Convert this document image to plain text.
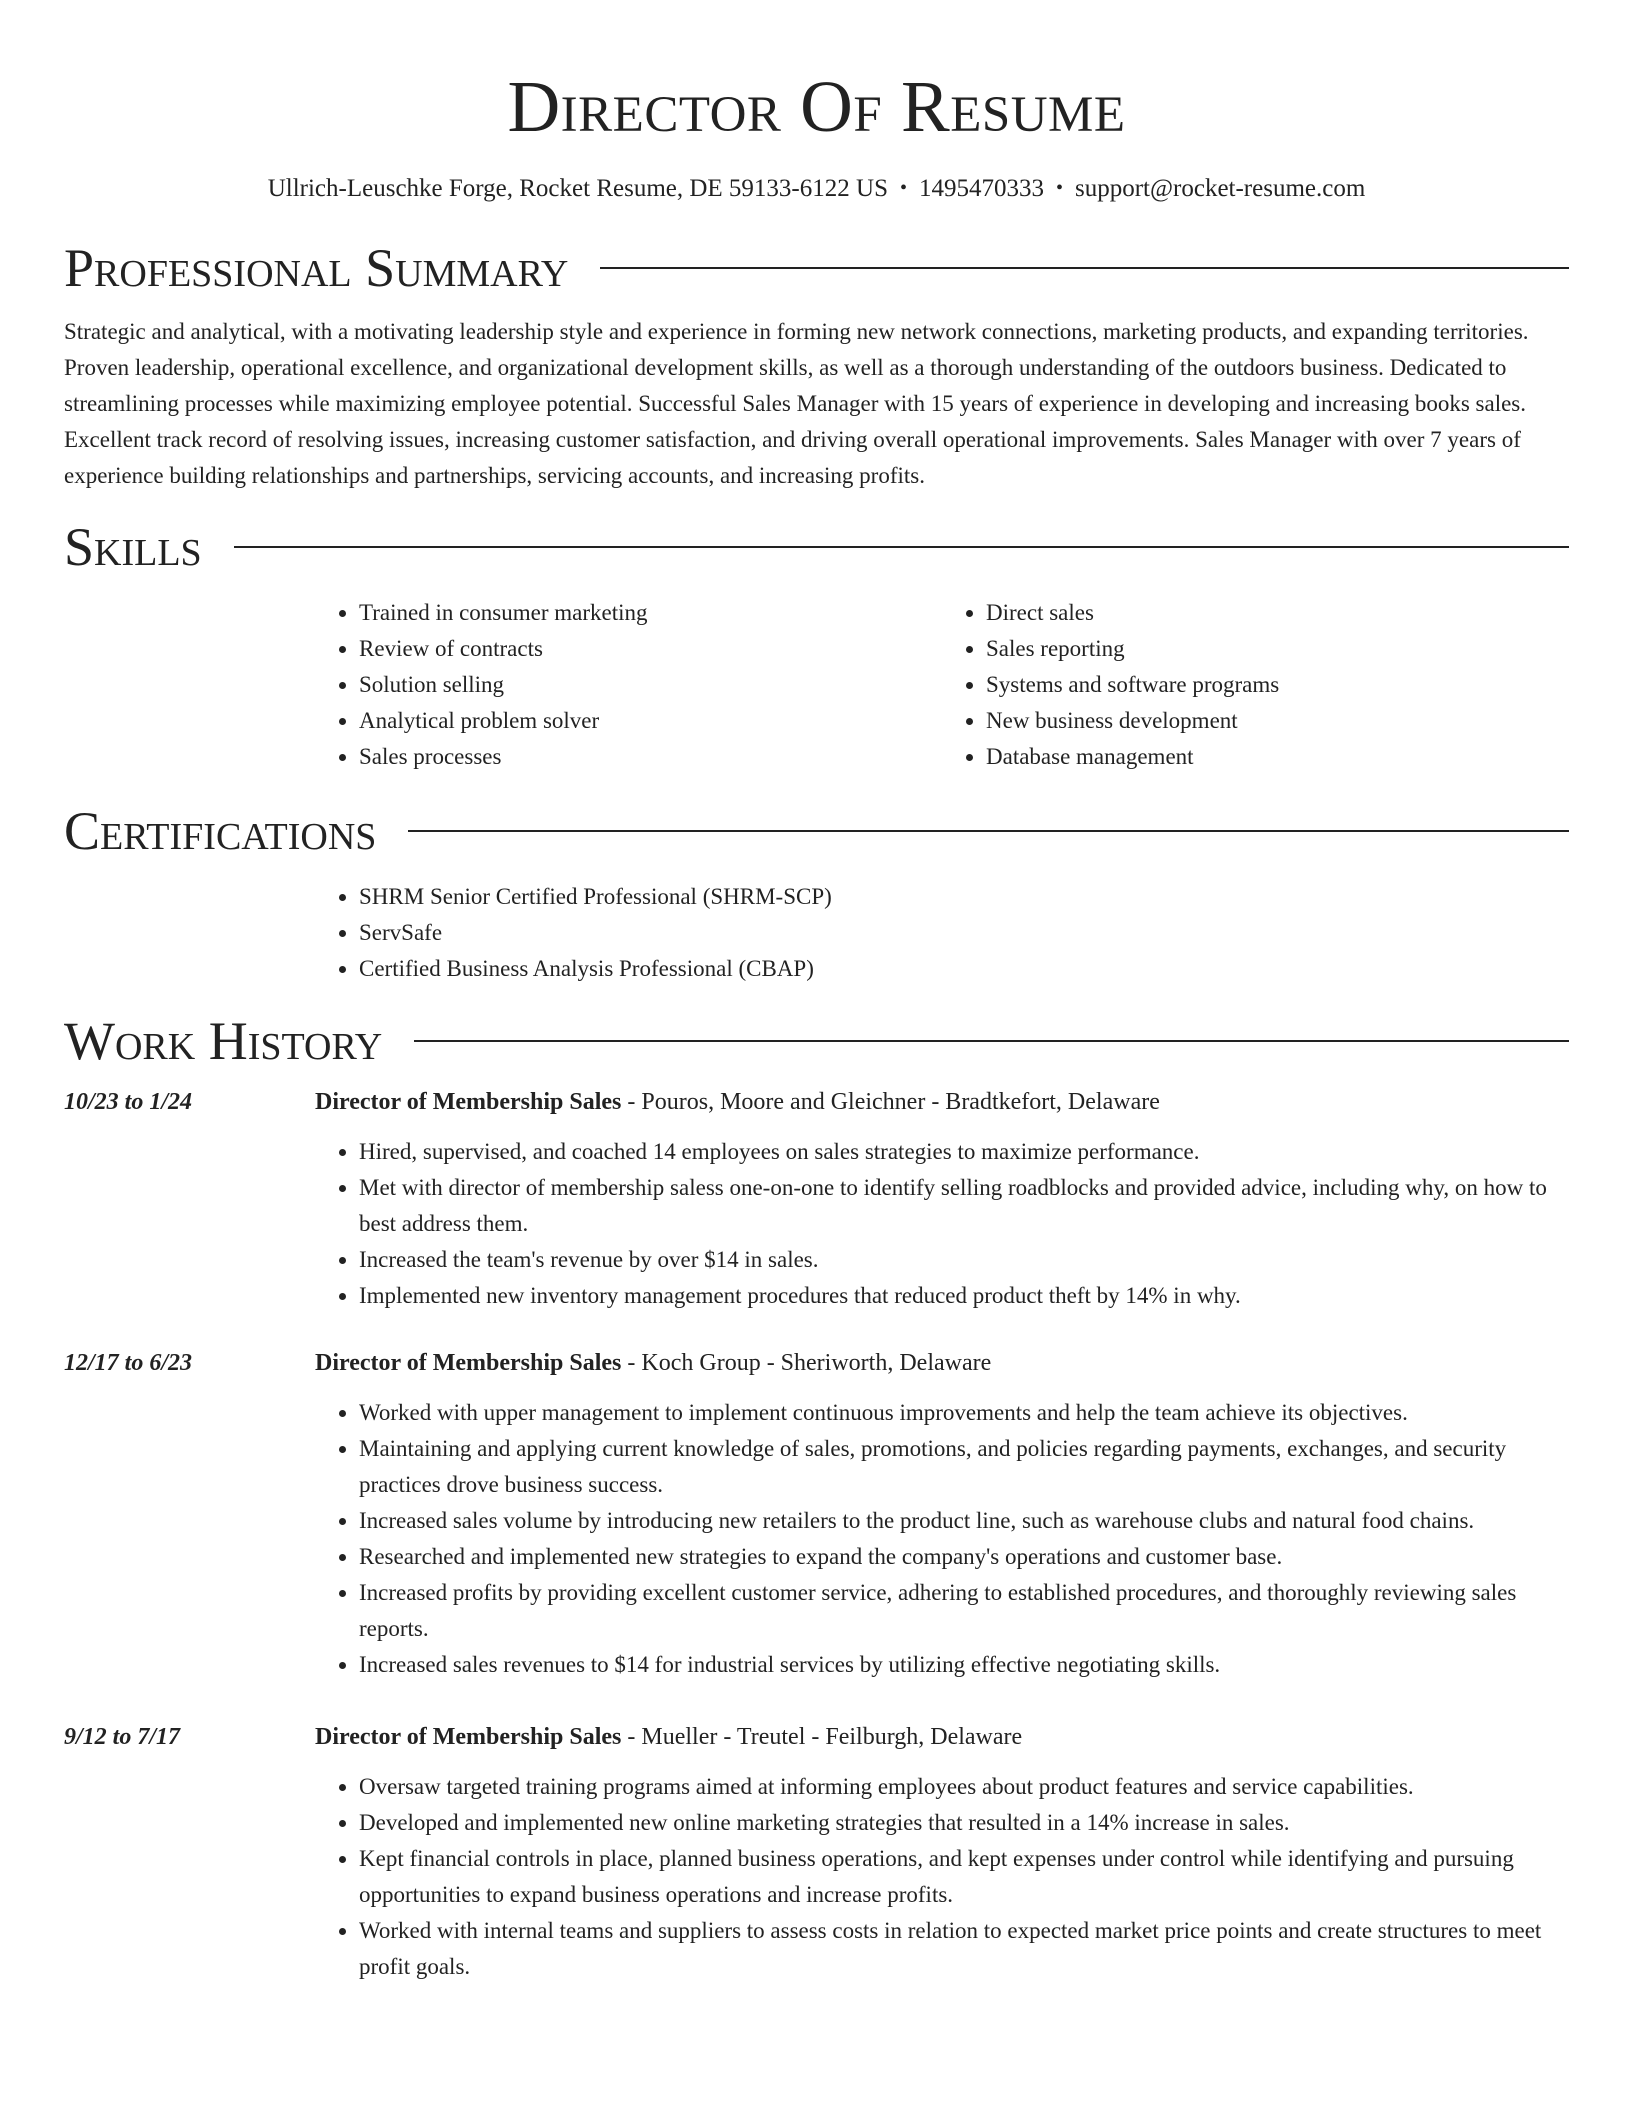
Director Of Resume
Ullrich-Leuschke Forge, Rocket Resume, DE 59133-6122 US • 1495470333 • support@rocket-resume.com
Professional Summary

Strategic and analytical, with a motivating leadership style and experience in forming new network connections, marketing products, and expanding territories. Proven leadership, operational excellence, and organizational development skills, as well as a thorough understanding of the outdoors business. Dedicated to streamlining processes while maximizing employee potential. Successful Sales Manager with 15 years of experience in developing and increasing books sales. Excellent track record of resolving issues, increasing customer satisfaction, and driving overall operational improvements. Sales Manager with over 7 years of experience building relationships and partnerships, servicing accounts, and increasing profits.

Skills
• Trained in consumer marketing
• Review of contracts
• Solution selling
• Analytical problem solver
• Sales processes
• Direct sales
• Sales reporting
• Systems and software programs
• New business development
• Database management
Certifications
• SHRM Senior Certified Professional (SHRM-SCP)
• ServSafe
• Certified Business Analysis Professional (CBAP)
Work History
10/23 to 1/24	Director of Membership Sales - Pouros, Moore and Gleichner - Bradtkefort, Delaware
• Hired, supervised, and coached 14 employees on sales strategies to maximize performance.
• Met with director of membership saless one-on-one to identify selling roadblocks and provided advice, including why, on how to best address them.
• Increased the team's revenue by over $14 in sales.
• Implemented new inventory management procedures that reduced product theft by 14% in why.
12/17 to 6/23	Director of Membership Sales - Koch Group - Sheriworth, Delaware
• Worked with upper management to implement continuous improvements and help the team achieve its objectives.
• Maintaining and applying current knowledge of sales, promotions, and policies regarding payments, exchanges, and security practices drove business success.
• Increased sales volume by introducing new retailers to the product line, such as warehouse clubs and natural food chains.
• Researched and implemented new strategies to expand the company's operations and customer base.
• Increased profits by providing excellent customer service, adhering to established procedures, and thoroughly reviewing sales reports.
• Increased sales revenues to $14 for industrial services by utilizing effective negotiating skills.
9/12 to 7/17	Director of Membership Sales - Mueller - Treutel - Feilburgh, Delaware
• Oversaw targeted training programs aimed at informing employees about product features and service capabilities.
• Developed and implemented new online marketing strategies that resulted in a 14% increase in sales.
• Kept financial controls in place, planned business operations, and kept expenses under control while identifying and pursuing opportunities to expand business operations and increase profits.
• Worked with internal teams and suppliers to assess costs in relation to expected market price points and create structures to meet profit goals.
